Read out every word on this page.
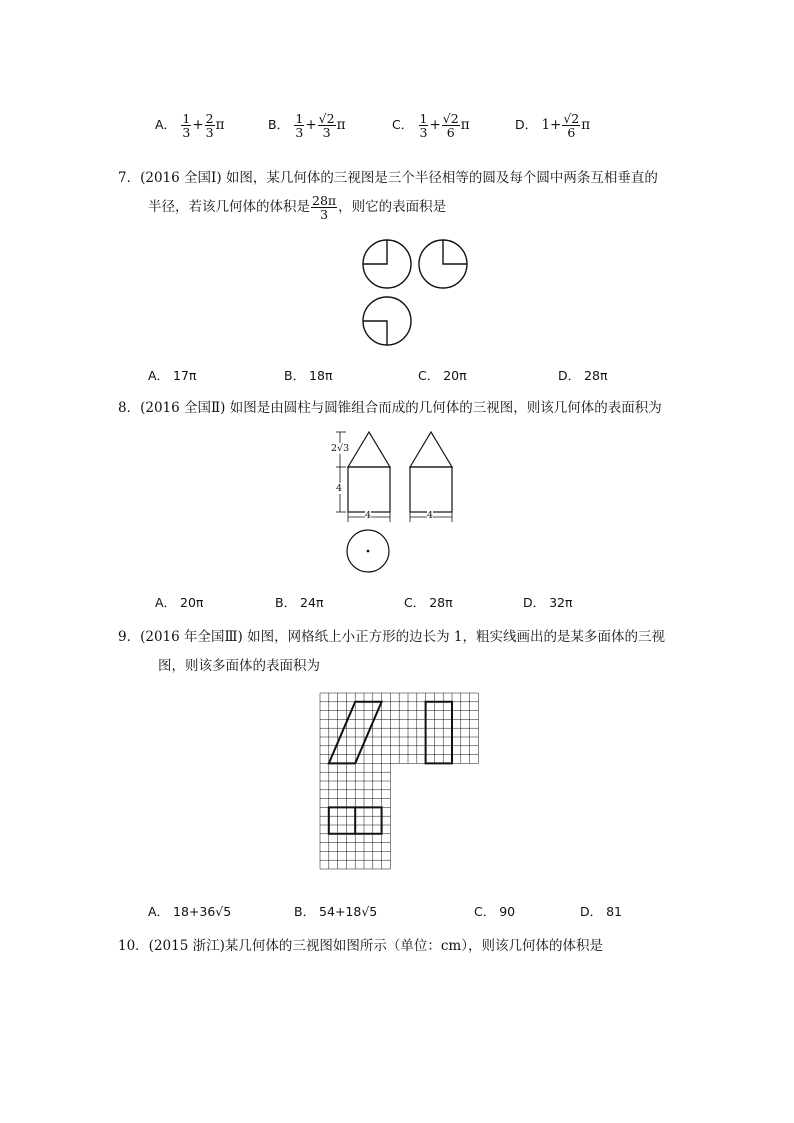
A． $\frac{1}{3} + \frac{2}{3}$ π	B． $\frac{1}{3} + \frac{√2}{3}$ π	C． $\frac{1}{3} + \frac{√2}{6}$ π	D． $1+ \frac{√2}{6}$ π
7．(2016 全国Ⅰ) 如图，某几何体的三视图是三个半径相等的圆及每个圆中两条互相垂直的
半径，若该几何体的体积是 $\frac{28\pi}{3}$ ，则它的表面积是
A． 17π	B． 18π	C． 20π	D． 28π
8．(2016 全国Ⅱ) 如图是由圆柱与圆锥组合而成的几何体的三视图，则该几何体的表面积为
2√3
4
4	4
A． 20π	B． 24π	C． 28π	D． 32π
9．(2016 年全国Ⅲ) 如图，网格纸上小正方形的边长为 1，粗实线画出的是某多面体的三视
图，则该多面体的表面积为
A． 18+36√5	B． 54+18√5	C． 90	D． 81
10．(2015 浙江)某几何体的三视图如图所示（单位：cm），则该几何体的体积是
